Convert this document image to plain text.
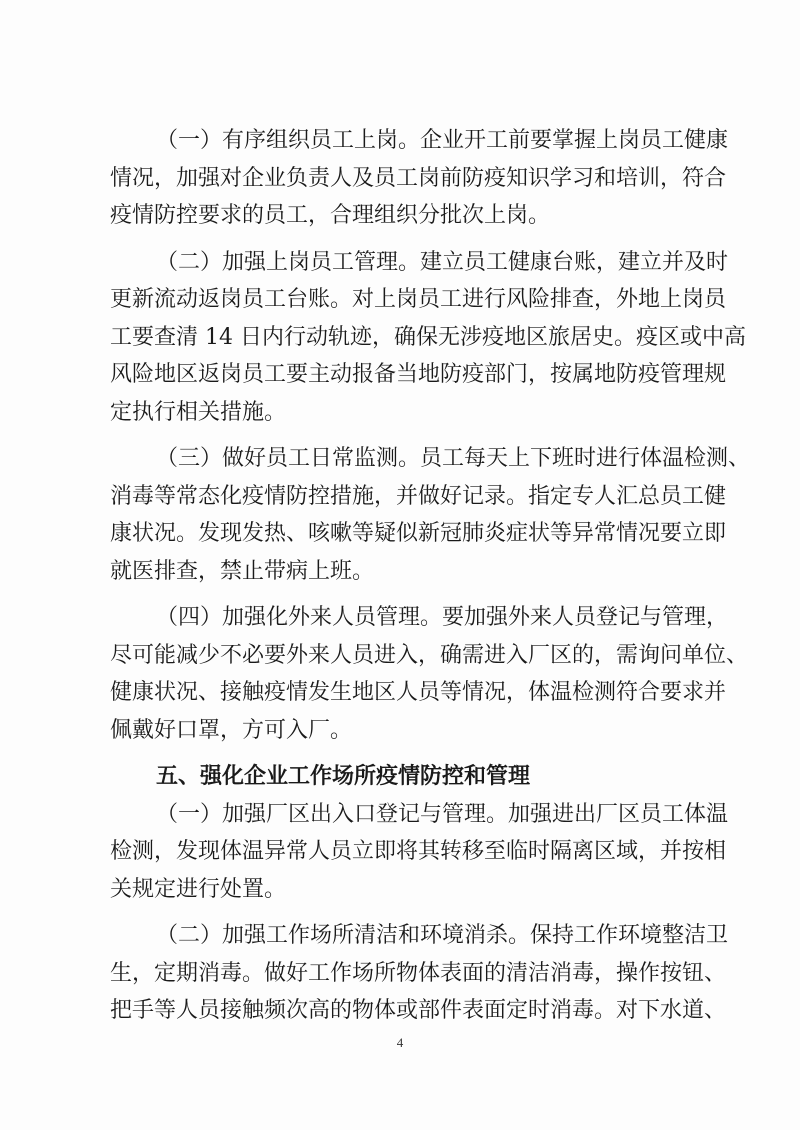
（一）有序组织员工上岗。企业开工前要掌握上岗员工健康
情况，加强对企业负责人及员工岗前防疫知识学习和培训，符合
疫情防控要求的员工，合理组织分批次上岗。
（二）加强上岗员工管理。建立员工健康台账，建立并及时
更新流动返岗员工台账。对上岗员工进行风险排查，外地上岗员
工要查清 14 日内行动轨迹，确保无涉疫地区旅居史。疫区或中高
风险地区返岗员工要主动报备当地防疫部门，按属地防疫管理规
定执行相关措施。
（三）做好员工日常监测。员工每天上下班时进行体温检测、
消毒等常态化疫情防控措施，并做好记录。指定专人汇总员工健
康状况。发现发热、咳嗽等疑似新冠肺炎症状等异常情况要立即
就医排查，禁止带病上班。
（四）加强化外来人员管理。要加强外来人员登记与管理，
尽可能减少不必要外来人员进入，确需进入厂区的，需询问单位、
健康状况、接触疫情发生地区人员等情况，体温检测符合要求并
佩戴好口罩，方可入厂。
五、强化企业工作场所疫情防控和管理
（一）加强厂区出入口登记与管理。加强进出厂区员工体温
检测，发现体温异常人员立即将其转移至临时隔离区域，并按相
关规定进行处置。
（二）加强工作场所清洁和环境消杀。保持工作环境整洁卫
生，定期消毒。做好工作场所物体表面的清洁消毒，操作按钮、
把手等人员接触频次高的物体或部件表面定时消毒。对下水道、
4
